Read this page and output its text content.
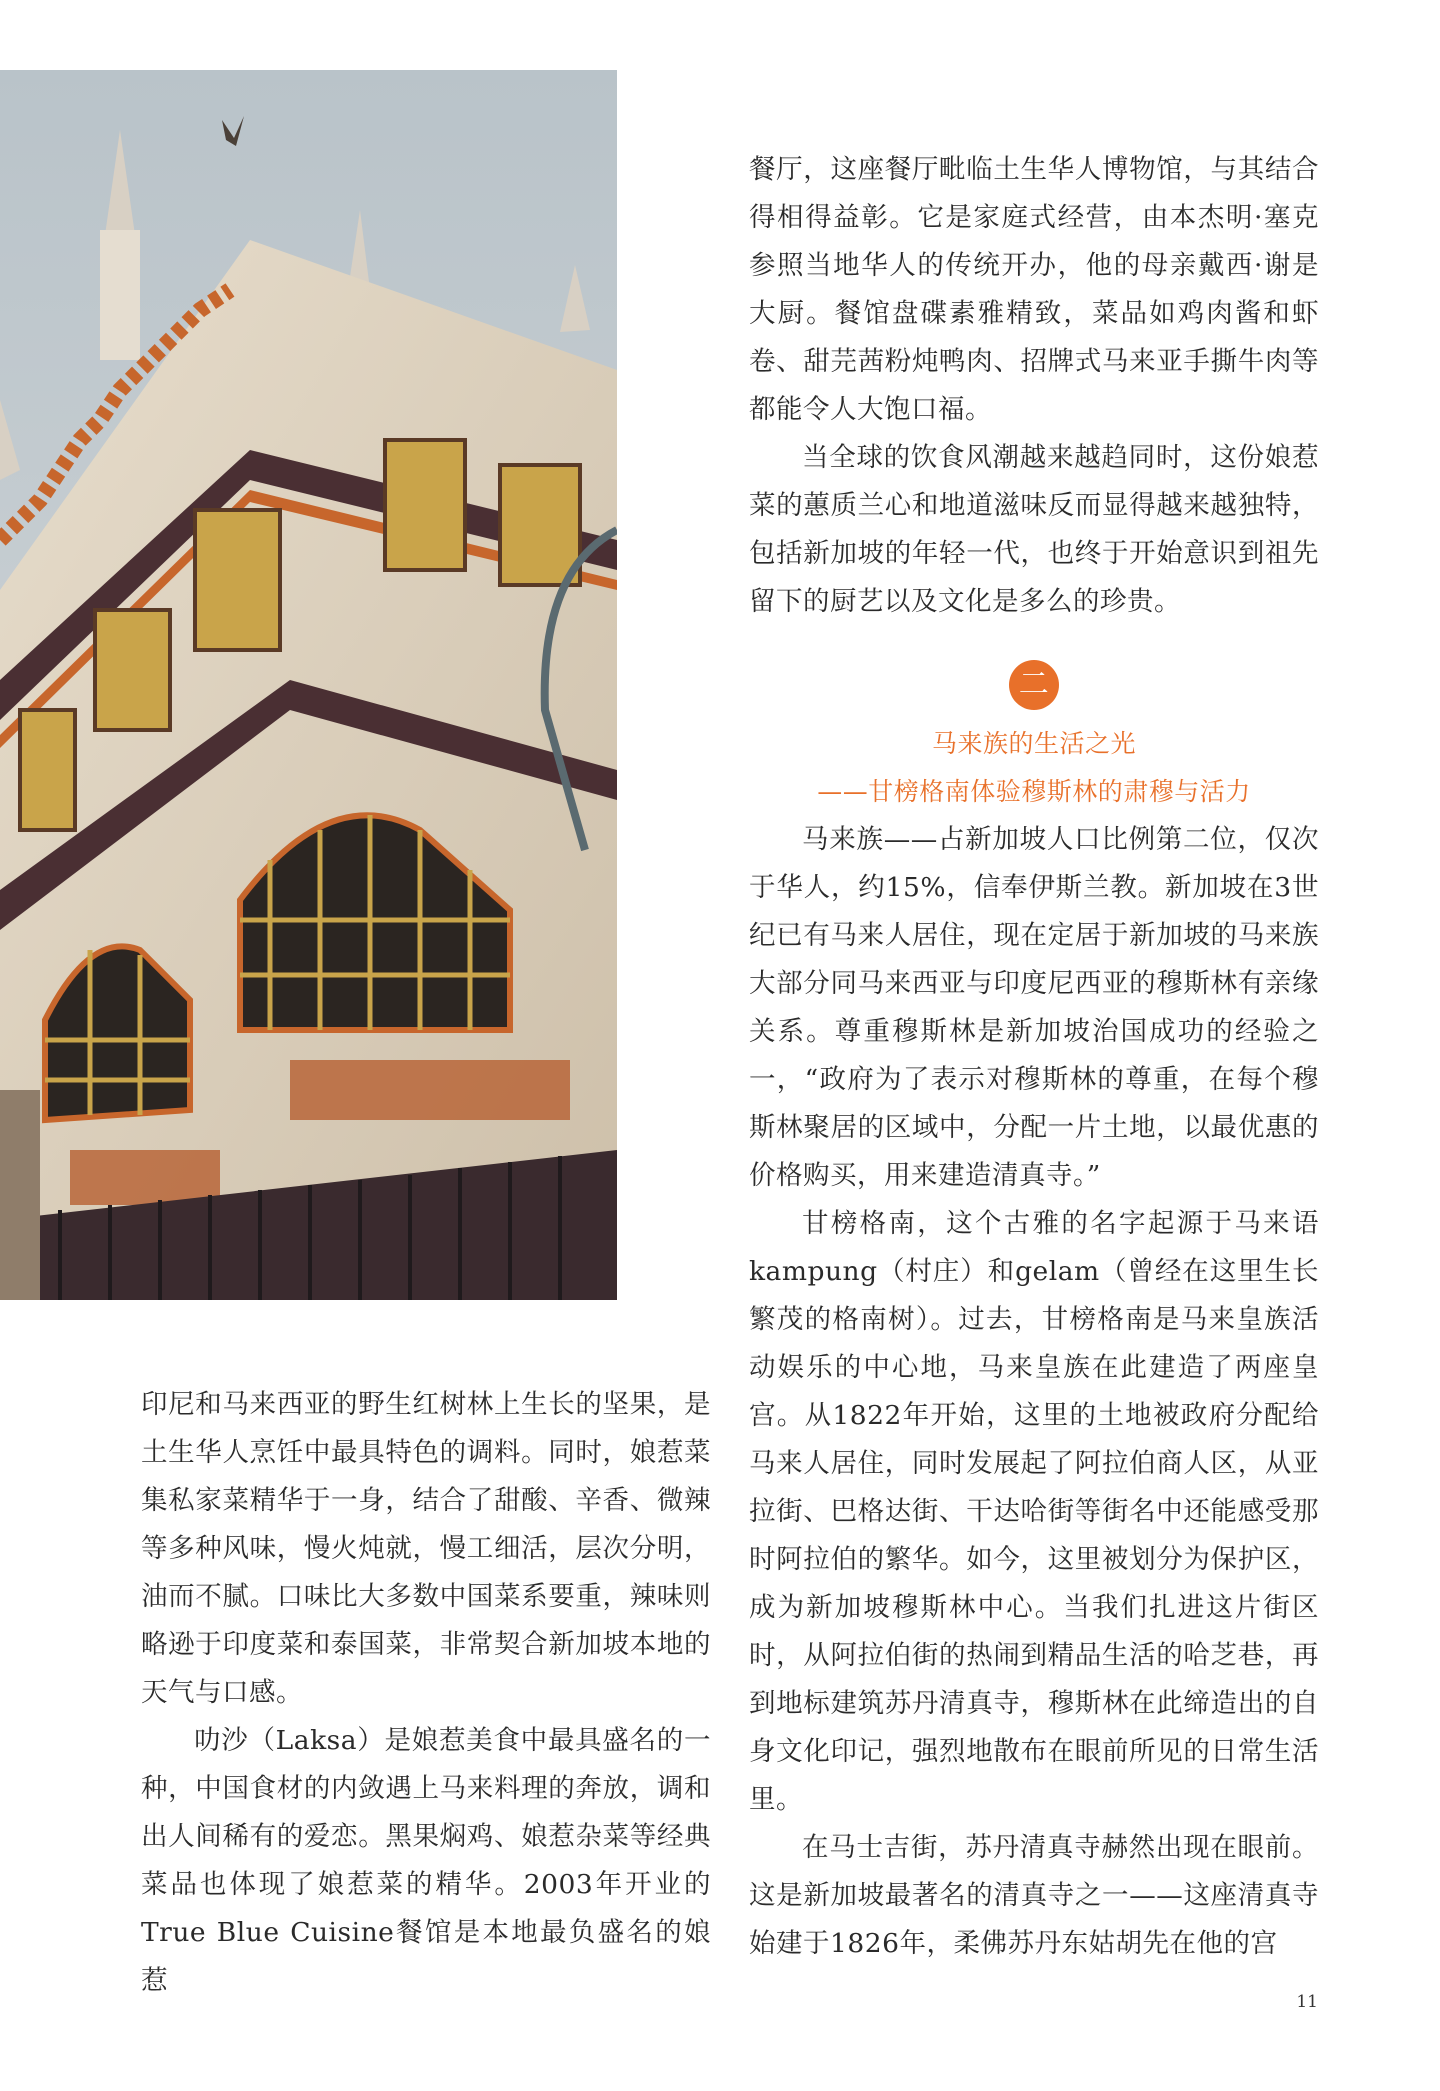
餐厅，这座餐厅毗临土生华人博物馆，与其结合得相得益彰。它是家庭式经营，由本杰明·塞克参照当地华人的传统开办，他的母亲戴西·谢是大厨。餐馆盘碟素雅精致，菜品如鸡肉酱和虾卷、甜芫茜粉炖鸭肉、招牌式马来亚手撕牛肉等都能令人大饱口福。

当全球的饮食风潮越来越趋同时，这份娘惹菜的蕙质兰心和地道滋味反而显得越来越独特，包括新加坡的年轻一代，也终于开始意识到祖先留下的厨艺以及文化是多么的珍贵。

二

马来族的生活之光

——甘榜格南体验穆斯林的肃穆与活力

马来族——占新加坡人口比例第二位，仅次于华人，约15%，信奉伊斯兰教。新加坡在3世纪已有马来人居住，现在定居于新加坡的马来族大部分同马来西亚与印度尼西亚的穆斯林有亲缘关系。尊重穆斯林是新加坡治国成功的经验之一，“政府为了表示对穆斯林的尊重，在每个穆斯林聚居的区域中，分配一片土地，以最优惠的价格购买，用来建造清真寺。”

甘榜格南，这个古雅的名字起源于马来语kampung（村庄）和gelam（曾经在这里生长繁茂的格南树）。过去，甘榜格南是马来皇族活动娱乐的中心地，马来皇族在此建造了两座皇宫。从1822年开始，这里的土地被政府分配给马来人居住，同时发展起了阿拉伯商人区，从亚拉街、巴格达街、干达哈街等街名中还能感受那时阿拉伯的繁华。如今，这里被划分为保护区，成为新加坡穆斯林中心。当我们扎进这片街区时，从阿拉伯街的热闹到精品生活的哈芝巷，再到地标建筑苏丹清真寺，穆斯林在此缔造出的自身文化印记，强烈地散布在眼前所见的日常生活里。

在马士吉街，苏丹清真寺赫然出现在眼前。这是新加坡最著名的清真寺之一——这座清真寺始建于1826年，柔佛苏丹东姑胡先在他的宫

印尼和马来西亚的野生红树林上生长的坚果，是土生华人烹饪中最具特色的调料。同时，娘惹菜集私家菜精华于一身，结合了甜酸、辛香、微辣等多种风味，慢火炖就，慢工细活，层次分明，油而不腻。口味比大多数中国菜系要重，辣味则略逊于印度菜和泰国菜，非常契合新加坡本地的天气与口感。

叻沙（Laksa）是娘惹美食中最具盛名的一种，中国食材的内敛遇上马来料理的奔放，调和出人间稀有的爱恋。黑果焖鸡、娘惹杂菜等经典菜品也体现了娘惹菜的精华。2003年开业的True Blue Cuisine餐馆是本地最负盛名的娘惹

11
